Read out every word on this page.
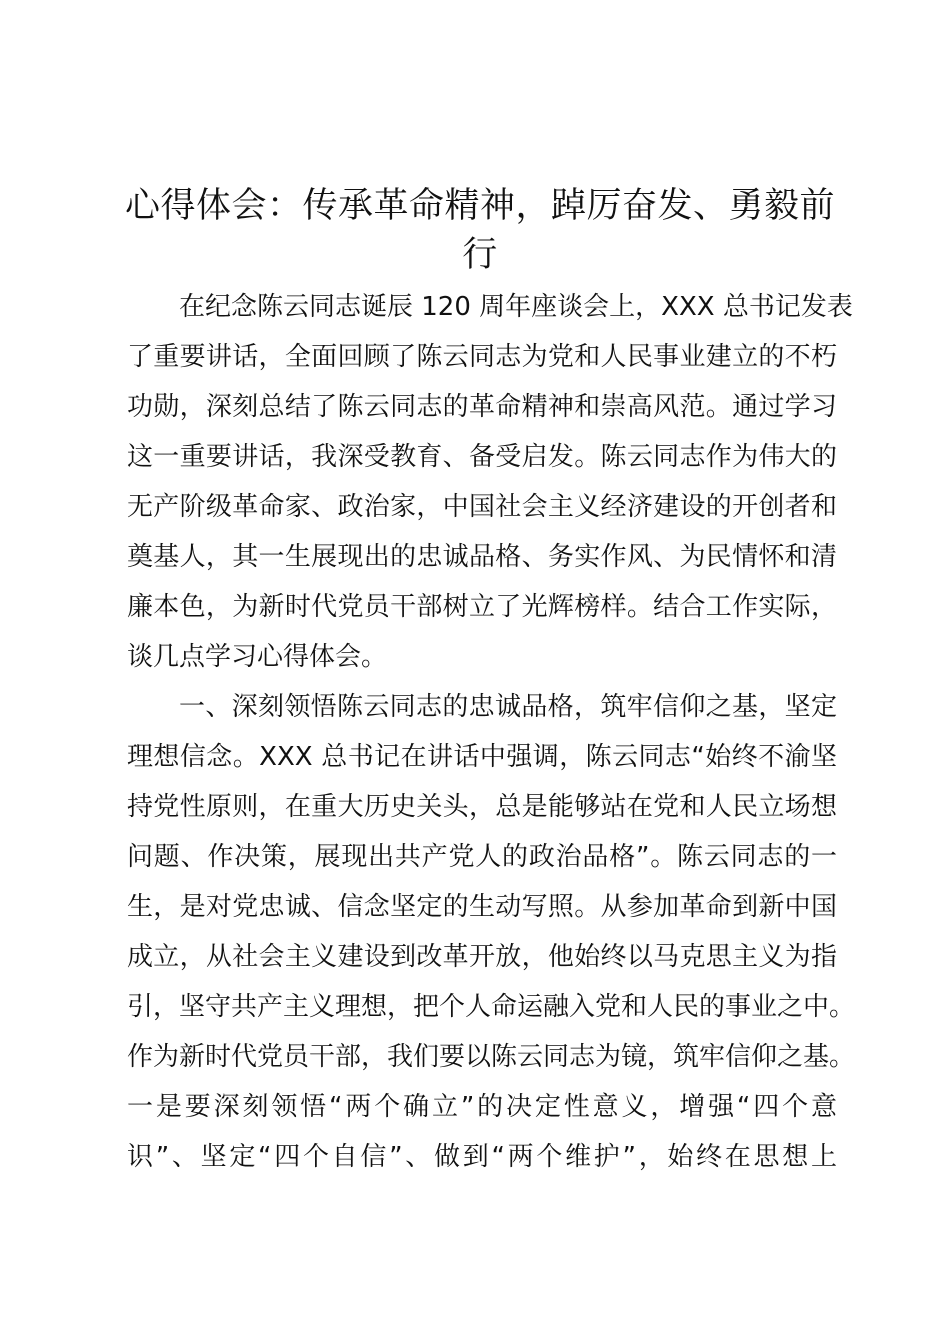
心得体会：传承革命精神，踔厉奋发、勇毅前
行
在纪念陈云同志诞辰 120 周年座谈会上，XXX 总书记发表
了重要讲话，全面回顾了陈云同志为党和人民事业建立的不朽
功勋，深刻总结了陈云同志的革命精神和崇高风范。通过学习
这一重要讲话，我深受教育、备受启发。陈云同志作为伟大的
无产阶级革命家、政治家，中国社会主义经济建设的开创者和
奠基人，其一生展现出的忠诚品格、务实作风、为民情怀和清
廉本色，为新时代党员干部树立了光辉榜样。结合工作实际，
谈几点学习心得体会。
一、深刻领悟陈云同志的忠诚品格，筑牢信仰之基，坚定
理想信念。XXX 总书记在讲话中强调，陈云同志“始终不渝坚
持党性原则，在重大历史关头，总是能够站在党和人民立场想
问题、作决策，展现出共产党人的政治品格”。陈云同志的一
生，是对党忠诚、信念坚定的生动写照。从参加革命到新中国
成立，从社会主义建设到改革开放，他始终以马克思主义为指
引，坚守共产主义理想，把个人命运融入党和人民的事业之中。
作为新时代党员干部，我们要以陈云同志为镜，筑牢信仰之基。
一是要深刻领悟“两个确立”的决定性意义，增强“四个意
识”、坚定“四个自信”、做到“两个维护”，始终在思想上
